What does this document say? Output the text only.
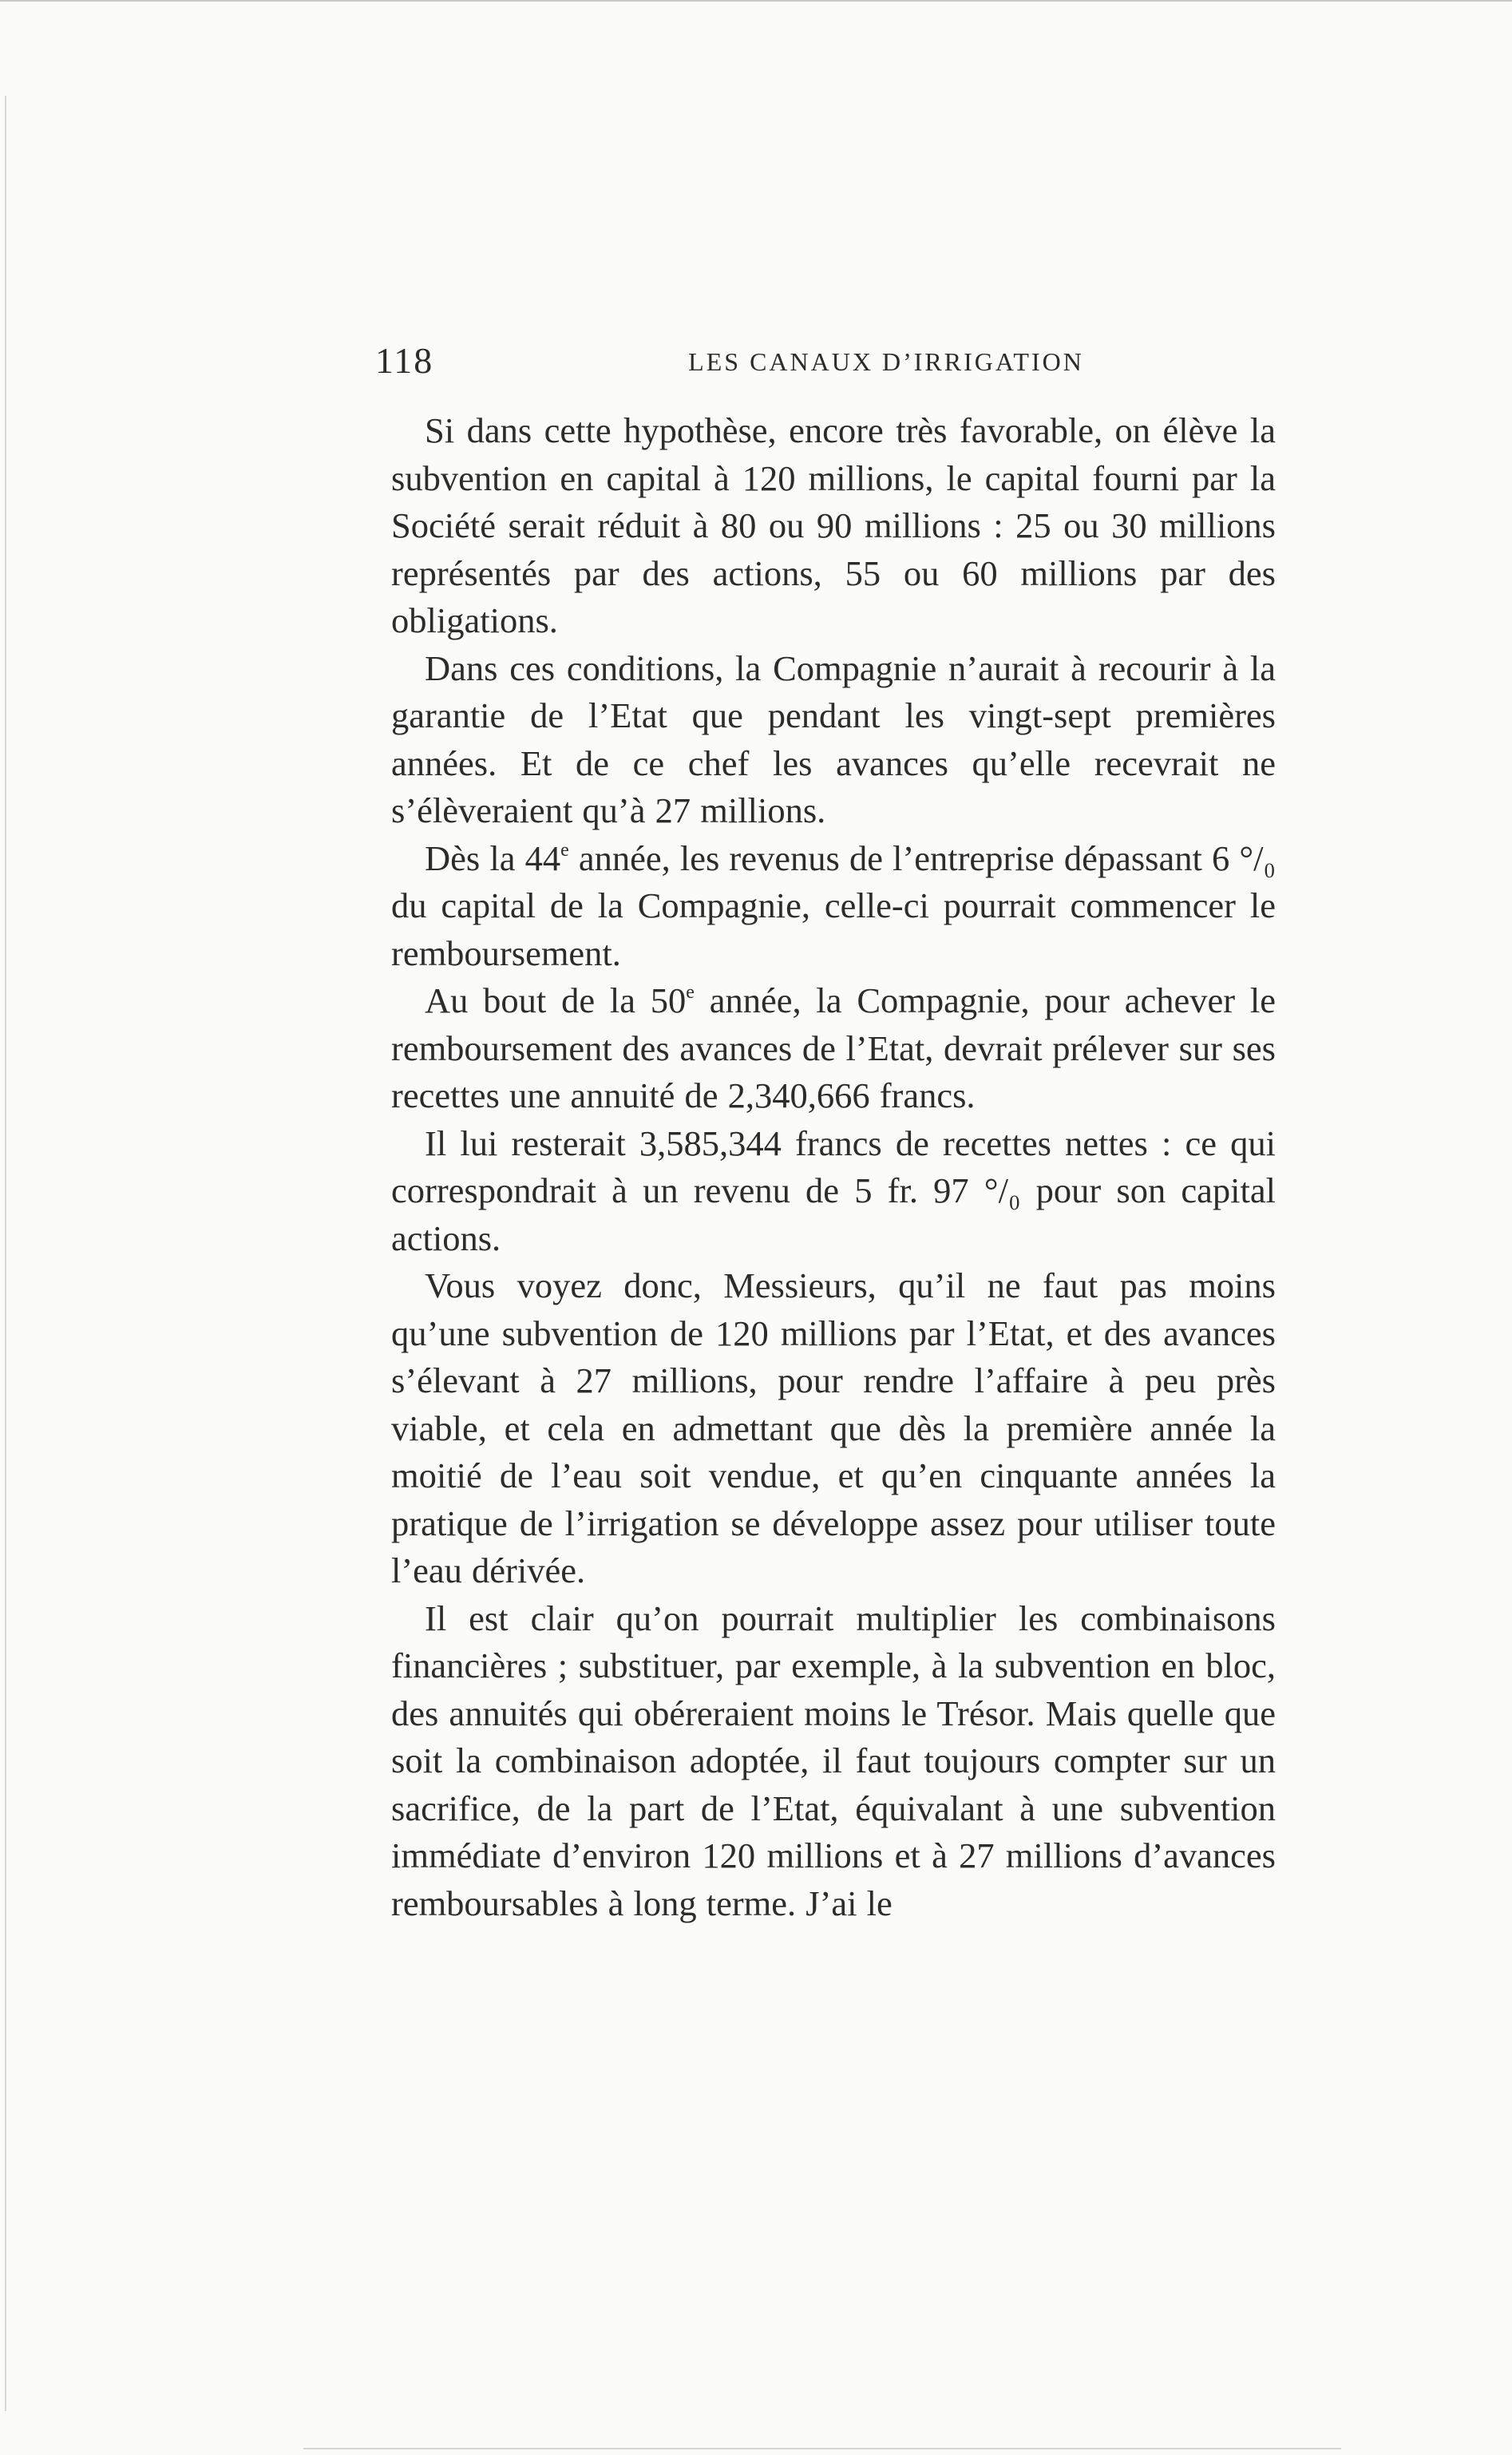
118	LES CANAUX D’IRRIGATION

Si dans cette hypothèse, encore très favorable, on élève la subvention en capital à 120 millions, le capital fourni par la Société serait réduit à 80 ou 90 millions : 25 ou 30 millions représentés par des actions, 55 ou 60 millions par des obligations.

Dans ces conditions, la Compagnie n’aurait à recourir à la garantie de l’Etat que pendant les vingt-sept premières années. Et de ce chef les avances qu’elle recevrait ne s’élèveraient qu’à 27 millions.

Dès la 44e année, les revenus de l’entreprise dépassant 6 °/₀ du capital de la Compagnie, celle-ci pourrait commencer le remboursement.

Au bout de la 50e année, la Compagnie, pour achever le remboursement des avances de l’Etat, devrait prélever sur ses recettes une annuité de 2,340,666 francs.

Il lui resterait 3,585,344 francs de recettes nettes : ce qui correspondrait à un revenu de 5 fr. 97 °/₀ pour son capital actions.

Vous voyez donc, Messieurs, qu’il ne faut pas moins qu’une subvention de 120 millions par l’Etat, et des avances s’élevant à 27 millions, pour rendre l’affaire à peu près viable, et cela en admettant que dès la première année la moitié de l’eau soit vendue, et qu’en cinquante années la pratique de l’irrigation se développe assez pour utiliser toute l’eau dérivée.

Il est clair qu’on pourrait multiplier les combinaisons financières ; substituer, par exemple, à la subvention en bloc, des annuités qui obéreraient moins le Trésor. Mais quelle que soit la combinaison adoptée, il faut toujours compter sur un sacrifice, de la part de l’Etat, équivalant à une subvention immédiate d’environ 120 millions et à 27 millions d’avances remboursables à long terme. J’ai le
